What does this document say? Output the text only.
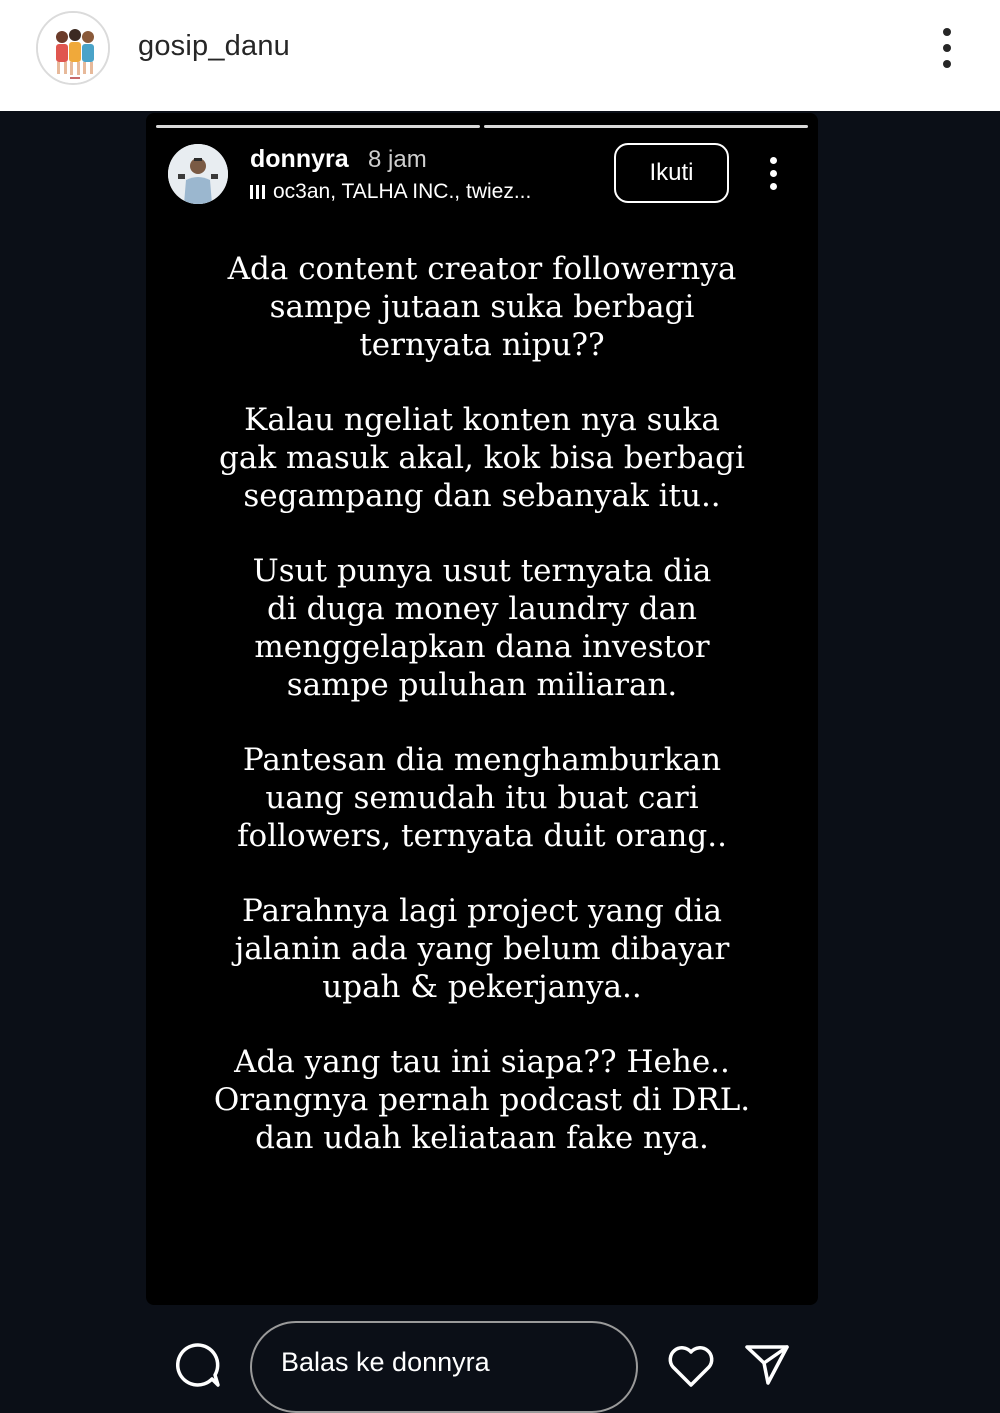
gosip_danu
donnyra 8 jam
oc3an, TALHA INC., twiez...
Ikuti

Ada content creator followernya
sampe jutaan suka berbagi
ternyata nipu??

Kalau ngeliat konten nya suka
gak masuk akal, kok bisa berbagi
segampang dan sebanyak itu..

Usut punya usut ternyata dia
di duga money laundry dan
menggelapkan dana investor
sampe puluhan miliaran.

Pantesan dia menghamburkan
uang semudah itu buat cari
followers, ternyata duit orang..

Parahnya lagi project yang dia
jalanin ada yang belum dibayar
upah & pekerjanya..

Ada yang tau ini siapa?? Hehe..
Orangnya pernah podcast di DRL.
dan udah keliataan fake nya.

Balas ke donnyra
